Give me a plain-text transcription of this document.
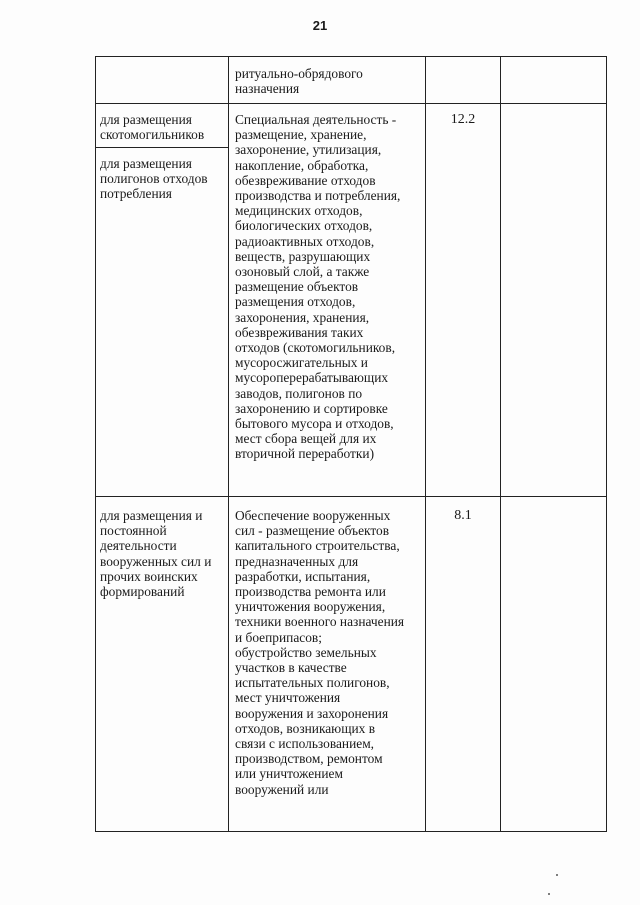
21
ритуально-обрядового
назначения
для размещения
скотомогильников
для размещения
полигонов отходов
потребления
Специальная деятельность -
размещение, хранение,
захоронение, утилизация,
накопление, обработка,
обезвреживание отходов
производства и потребления,
медицинских отходов,
биологических отходов,
радиоактивных отходов,
веществ, разрушающих
озоновый слой, а также
размещение объектов
размещения отходов,
захоронения, хранения,
обезвреживания таких
отходов (скотомогильников,
мусоросжигательных и
мусороперерабатывающих
заводов, полигонов по
захоронению и сортировке
бытового мусора и отходов,
мест сбора вещей для их
вторичной переработки)
12.2
для размещения и
постоянной
деятельности
вооруженных сил и
прочих воинских
формирований
Обеспечение вооруженных
сил - размещение объектов
капитального строительства,
предназначенных для
разработки, испытания,
производства ремонта или
уничтожения вооружения,
техники военного назначения
и боеприпасов;
обустройство земельных
участков в качестве
испытательных полигонов,
мест уничтожения
вооружения и захоронения
отходов, возникающих в
связи с использованием,
производством, ремонтом
или уничтожением
вооружений или
8.1
